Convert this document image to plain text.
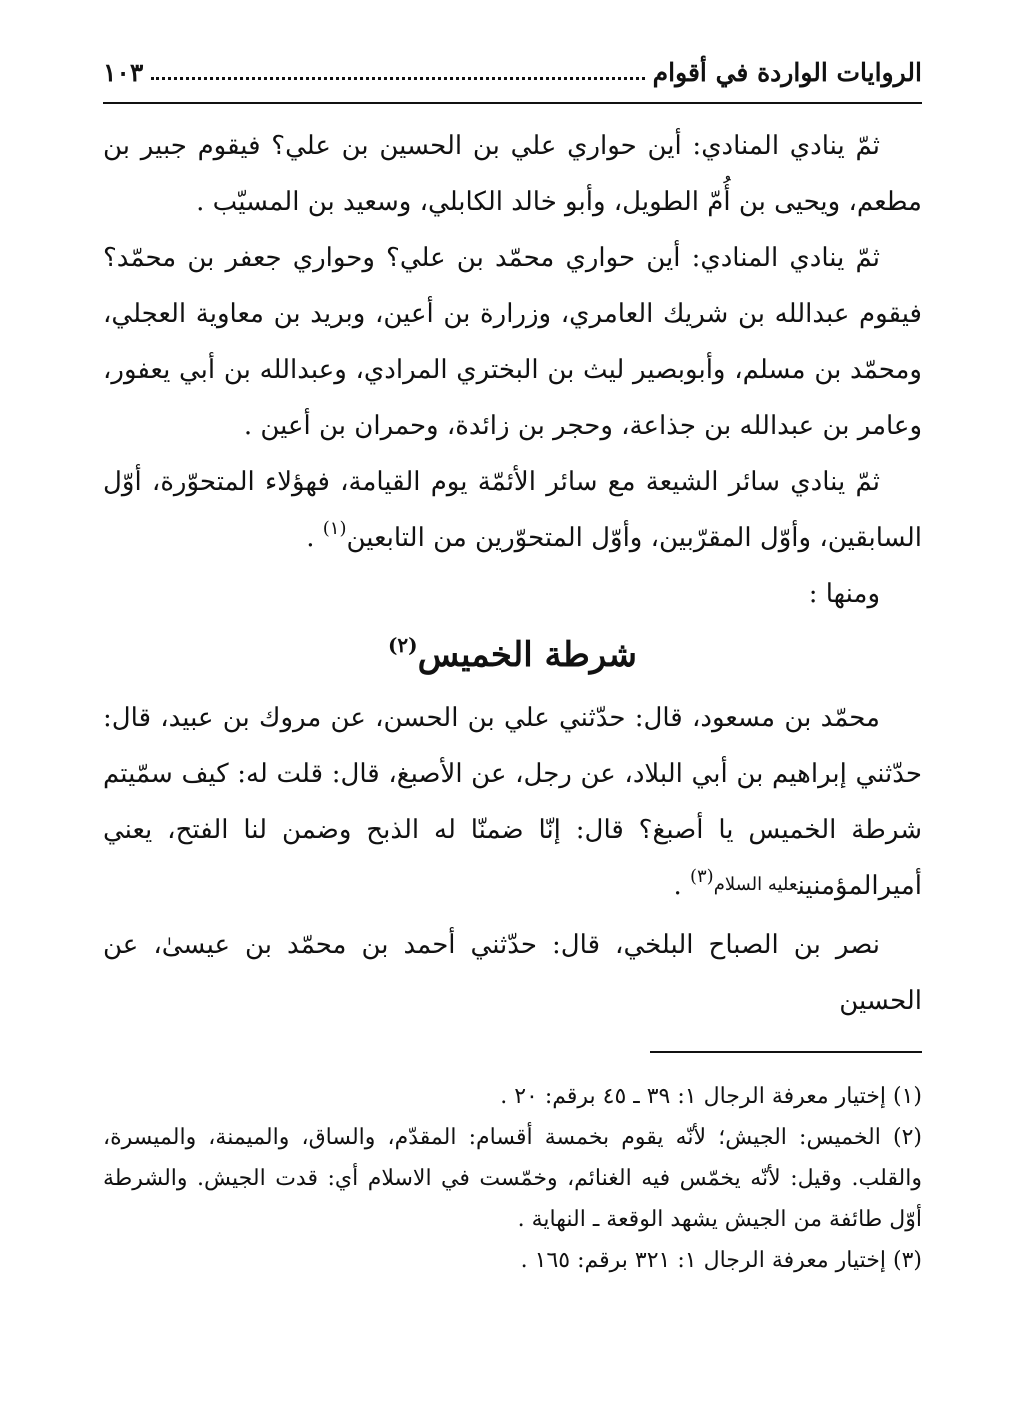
الروايات الواردة في أقوام
١٠٣

ثمّ ينادي المنادي: أين حواري علي بن الحسين بن علي؟ فيقوم جبير بن مطعم، ويحيى بن أُمّ الطويل، وأبو خالد الكابلي، وسعيد بن المسيّب .

ثمّ ينادي المنادي: أين حواري محمّد بن علي؟ وحواري جعفر بن محمّد؟ فيقوم عبدالله بن شريك العامري، وزرارة بن أعين، وبريد بن معاوية العجلي، ومحمّد بن مسلم، وأبوبصير ليث بن البختري المرادي، وعبدالله بن أبي يعفور، وعامر بن عبدالله بن جذاعة، وحجر بن زائدة، وحمران بن أعين .

ثمّ ينادي سائر الشيعة مع سائر الأئمّة يوم القيامة، فهؤلاء المتحوّرة، أوّل السابقين، وأوّل المقرّبين، وأوّل المتحوّرين من التابعين$^{(١)}$ .

ومنها :

شرطة الخميس$^{(٢)}$

محمّد بن مسعود، قال: حدّثني علي بن الحسن، عن مروك بن عبيد، قال: حدّثني إبراهيم بن أبي البلاد، عن رجل، عن الأصبغ، قال: قلت له: كيف سمّيتم شرطة الخميس يا أصبغ؟ قال: إنّا ضمنّا له الذبح وضمن لنا الفتح، يعني أميرالمؤمنينعليه السلام$^{(٣)}$ .

نصر بن الصباح البلخي، قال: حدّثني أحمد بن محمّد بن عيسىٰ، عن الحسين

(١) إختيار معرفة الرجال ١: ٣٩ ـ ٤٥ برقم: ٢٠ .

(٢) الخميس: الجيش؛ لأنّه يقوم بخمسة أقسام: المقدّم، والساق، والميمنة، والميسرة، والقلب. وقيل: لأنّه يخمّس فيه الغنائم، وخمّست في الاسلام أي: قدت الجيش. والشرطة أوّل طائفة من الجيش يشهد الوقعة ـ النهاية .

(٣) إختيار معرفة الرجال ١: ٣٢١ برقم: ١٦٥ .
